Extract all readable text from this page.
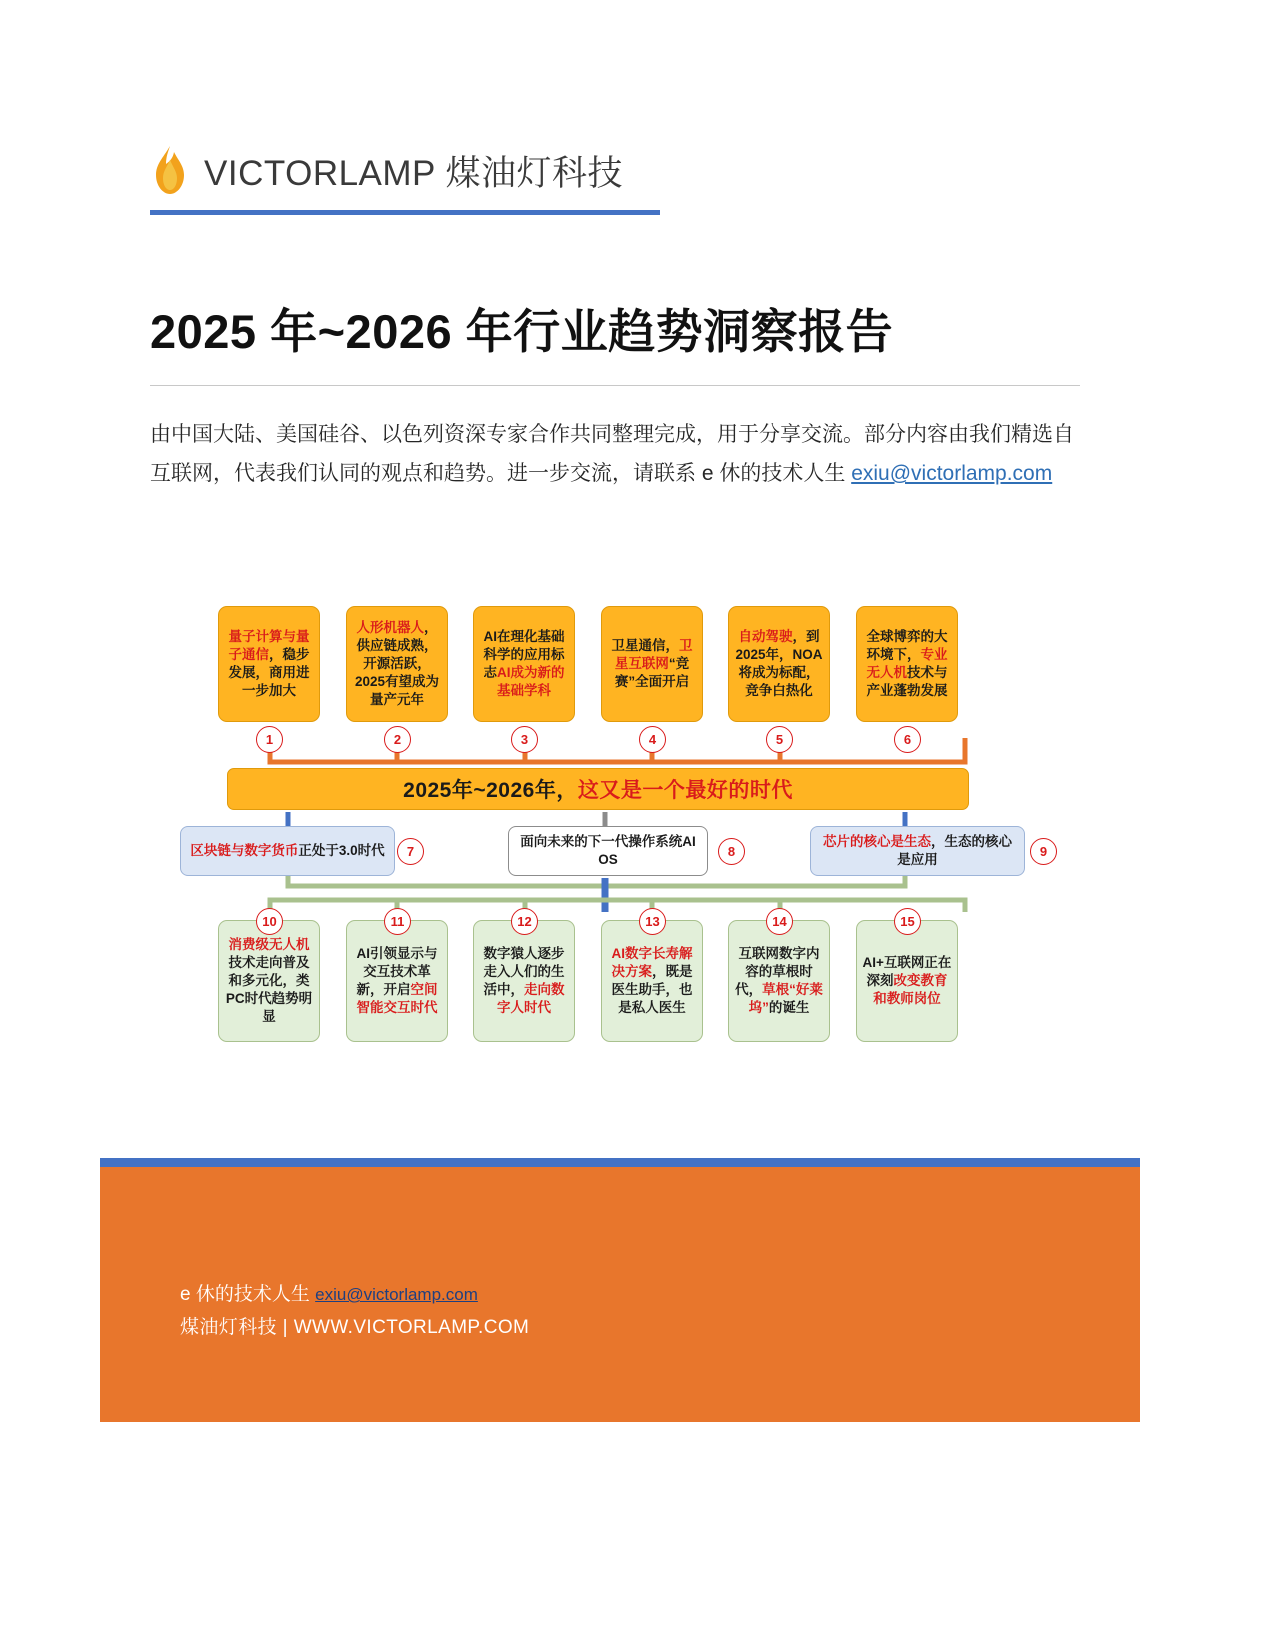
VICTORLAMP 煤油灯科技
2025 年~2026 年行业趋势洞察报告
由中国大陆、美国硅谷、以色列资深专家合作共同整理完成，用于分享交流。部分内容由我们精选自互联网，代表我们认同的观点和趋势。进一步交流，请联系 e 休的技术人生 exiu@victorlamp.com
量子计算与量子通信，稳步发展，商用进一步加大
1
人形机器人，供应链成熟，开源活跃，2025有望成为量产元年
2
AI在理化基础科学的应用标志AI成为新的基础学科
3
卫星通信，卫星互联网“竞赛”全面开启
4
自动驾驶，到2025年，NOA将成为标配，竞争白热化
5
全球博弈的大环境下，专业无人机技术与产业蓬勃发展
6
消费级无人机技术走向普及和多元化，类PC时代趋势明显
10
AI引领显示与交互技术革新，开启空间智能交互时代
11
数字猿人逐步走入人们的生活中，走向数字人时代
12
AI数字长寿解决方案，既是医生助手，也是私人医生
13
互联网数字内容的草根时代，草根“好莱坞”的诞生
14
AI+互联网正在深刻改变教育和教师岗位
15
区块链与数字货币正处于3.0时代	7
面向未来的下一代操作系统AI OS
8
芯片的核心是生态，生态的核心是应用
9
2025年~2026年， 这又是一个最好的时代
e 休的技术人生 exiu@victorlamp.com
煤油灯科技 | WWW.VICTORLAMP.COM
